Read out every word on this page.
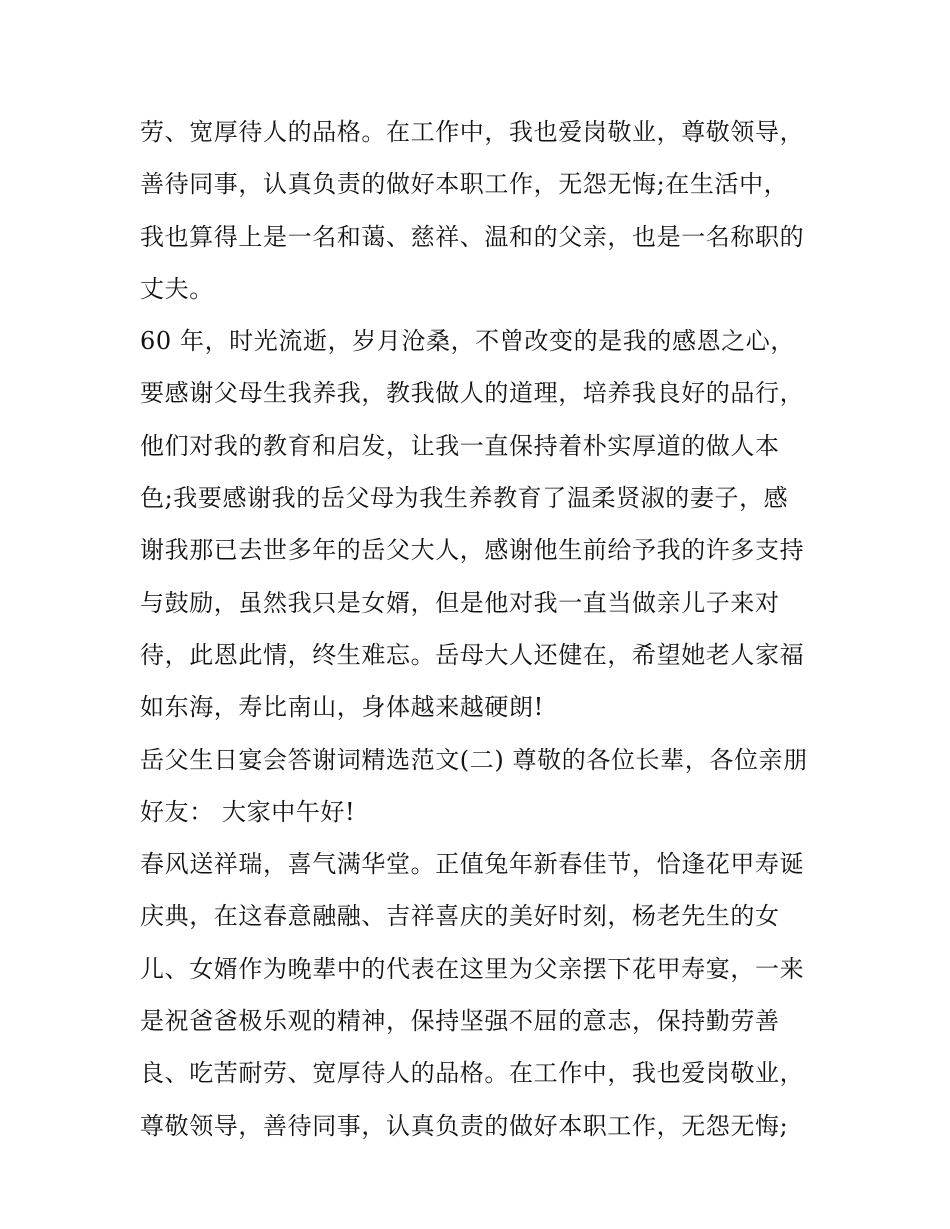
劳、宽厚待人的品格。在工作中，我也爱岗敬业，尊敬领导，
善待同事，认真负责的做好本职工作，无怨无悔;在生活中，
我也算得上是一名和蔼、慈祥、温和的父亲，也是一名称职的
丈夫。
60 年，时光流逝，岁月沧桑，不曾改变的是我的感恩之心，
要感谢父母生我养我，教我做人的道理，培养我良好的品行，
他们对我的教育和启发，让我一直保持着朴实厚道的做人本
色;我要感谢我的岳父母为我生养教育了温柔贤淑的妻子，感
谢我那已去世多年的岳父大人，感谢他生前给予我的许多支持
与鼓励，虽然我只是女婿，但是他对我一直当做亲儿子来对
待，此恩此情，终生难忘。岳母大人还健在，希望她老人家福
如东海，寿比南山，身体越来越硬朗!
岳父生日宴会答谢词精选范文(二) 尊敬的各位长辈，各位亲朋
好友： 大家中午好!
春风送祥瑞，喜气满华堂。正值兔年新春佳节，恰逢花甲寿诞
庆典，在这春意融融、吉祥喜庆的美好时刻，杨老先生的女
儿、女婿作为晚辈中的代表在这里为父亲摆下花甲寿宴，一来
是祝爸爸极乐观的精神，保持坚强不屈的意志，保持勤劳善
良、吃苦耐劳、宽厚待人的品格。在工作中，我也爱岗敬业，
尊敬领导，善待同事，认真负责的做好本职工作，无怨无悔;
